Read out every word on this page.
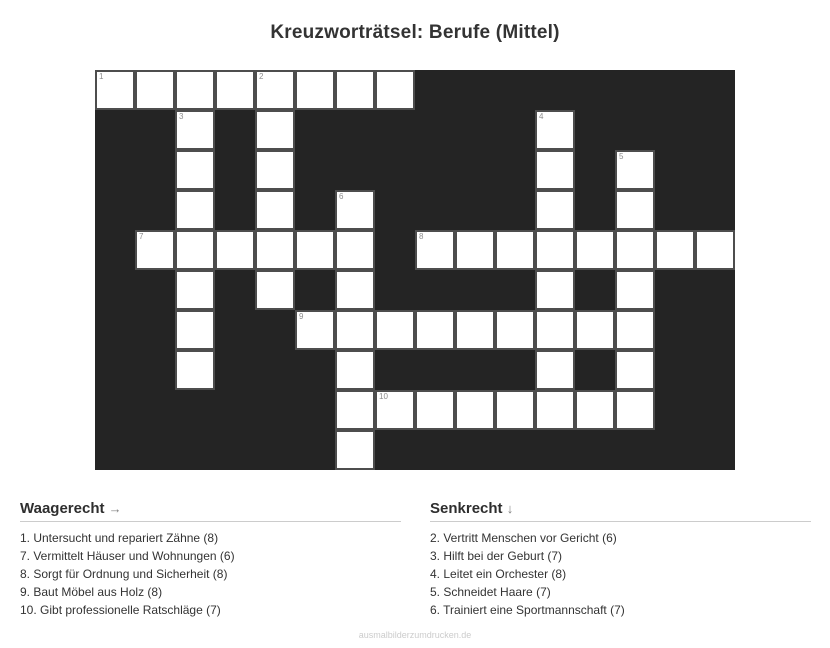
Kreuzworträtsel: Berufe (Mittel)
1	2
3	4
5
6
7	8
9
10
Waagerecht →
1. Untersucht und repariert Zähne (8)
7. Vermittelt Häuser und Wohnungen (6)
8. Sorgt für Ordnung und Sicherheit (8)
9. Baut Möbel aus Holz (8)
10. Gibt professionelle Ratschläge (7)
Senkrecht ↓
2. Vertritt Menschen vor Gericht (6)
3. Hilft bei der Geburt (7)
4. Leitet ein Orchester (8)
5. Schneidet Haare (7)
6. Trainiert eine Sportmannschaft (7)
ausmalbilderzumdrucken.de
